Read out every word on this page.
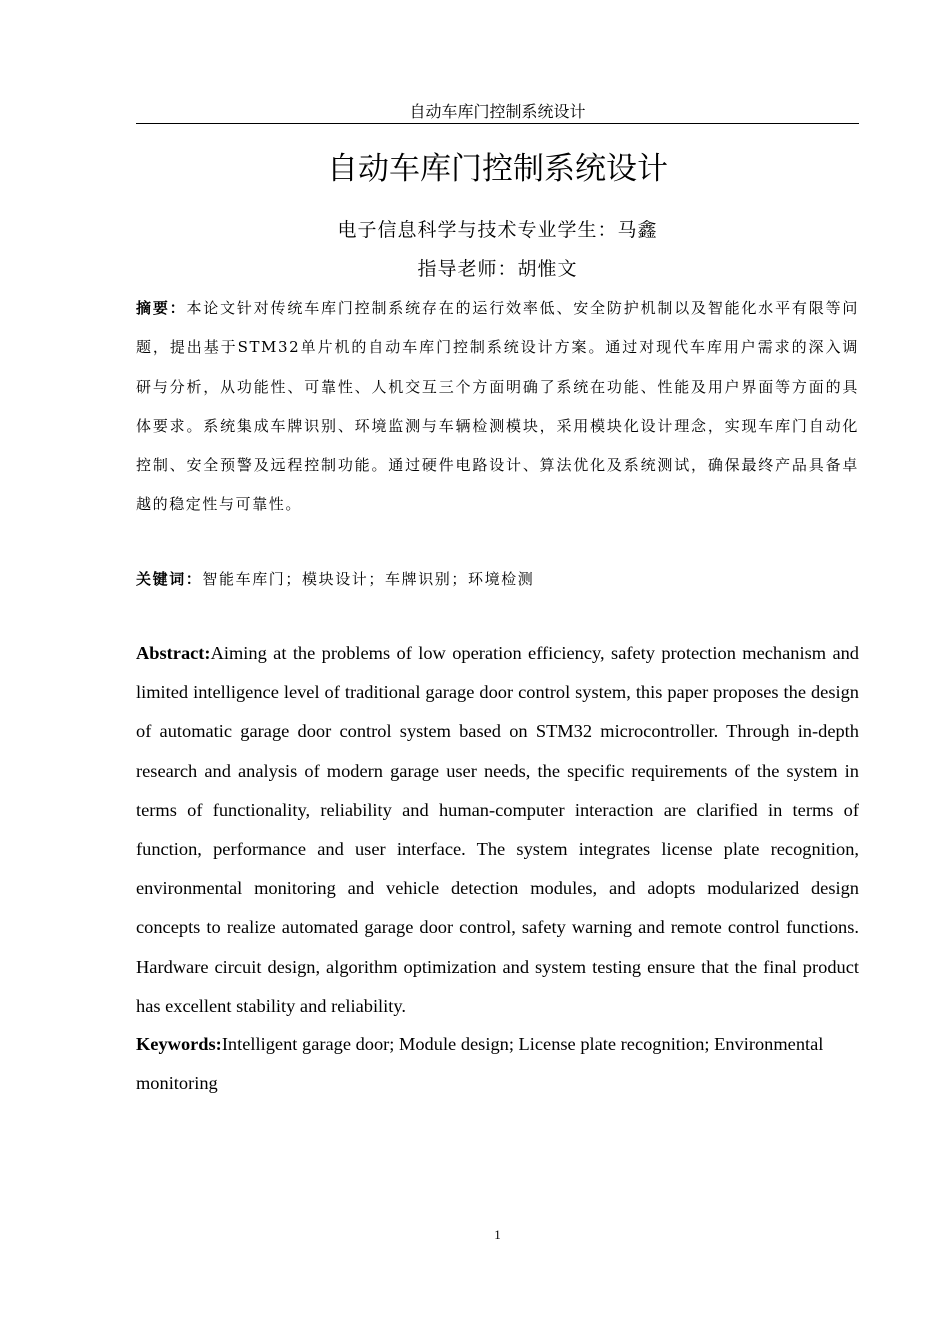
自动车库门控制系统设计
自动车库门控制系统设计
电子信息科学与技术专业学生：马鑫
指导老师：胡惟文

摘要：本论文针对传统车库门控制系统存在的运行效率低、安全防护机制以及智能化水平有限等问题，提出基于STM32单片机的自动车库门控制系统设计方案。通过对现代车库用户需求的深入调研与分析，从功能性、可靠性、人机交互三个方面明确了系统在功能、性能及用户界面等方面的具体要求。系统集成车牌识别、环境监测与车辆检测模块，采用模块化设计理念，实现车库门自动化控制、安全预警及远程控制功能。通过硬件电路设计、算法优化及系统测试，确保最终产品具备卓越的稳定性与可靠性。

关键词：智能车库门；模块设计；车牌识别；环境检测

Abstract:Aiming at the problems of low operation efficiency, safety protection mechanism and limited intelligence level of traditional garage door control system, this paper proposes the design of automatic garage door control system based on STM32 microcontroller. Through in-depth research and analysis of modern garage user needs, the specific requirements of the system in terms of functionality, reliability and human-computer interaction are clarified in terms of function, performance and user interface. The system integrates license plate recognition, environmental monitoring and vehicle detection modules, and adopts modularized design concepts to realize automated garage door control, safety warning and remote control functions. Hardware circuit design, algorithm optimization and system testing ensure that the final product has excellent stability and reliability.

Keywords:Intelligent garage door; Module design; License plate recognition; Environmental monitoring

1
